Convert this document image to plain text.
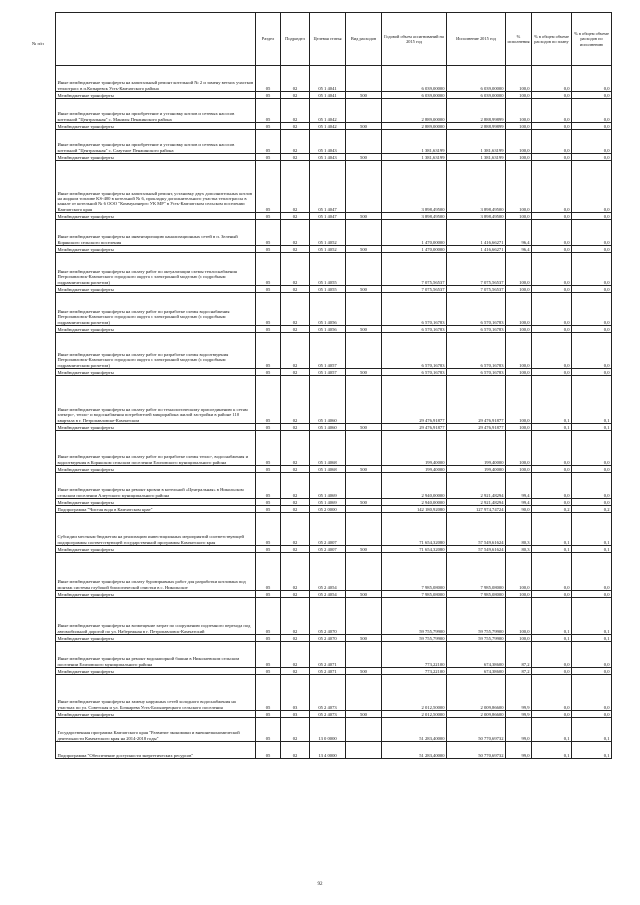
№ п/п
	Раздел	Подраздел	Целевая статья	Вид расходов	Годовой объем ассигнований на 2015 год	Исполнение 2015 год	% исполнения	% в общем объеме расходов по плану	% в общем объеме расходов по исполнению
Иные межбюджетные трансферты на капитальный ремонт котельной № 2 и замену ветхих участков теплотрасс в п.Козыревск Усть-Камчатского района	05	02	05 1 4041		6 039,00000	6 039,00000	100,0	0,0	0,0
Межбюджетные трансферты	05	02	05 1 4041	500	6 039,00000	6 039,00000	100,0	0,0	0,0
Иные межбюджетные трансферты на приобретение и установку котлов и сетевых насосов котельной "Центральная" с. Манилы Пенжинского района	05	02	05 1 4042		2 889,00000	2 888,99899	100,0	0,0	0,0
Межбюджетные трансферты	05	02	05 1 4042	500	2 889,00000	2 888,99899	100,0	0,0	0,0
Иные межбюджетные трансферты на приобретение и установку котлов и сетевых насосов котельной "Центральная" с. Слаутное Пенжинского района	05	02	05 1 4043		1 381,63199	1 381,63199	100,0	0,0	0,0
Межбюджетные трансферты	05	02	05 1 4043	500	1 381,63199	1 381,63199	100,0	0,0	0,0
Иные межбюджетные трансферты на капитальный ремонт, установку двух дополнительных котлов на жидком топливе KS-400 в котельной № 6, прокладку дополнительного участка теплотрассы в канале от котельной № 6 ООО "Коммунэнерго УК МР" в Усть-Камчатском сельском поселении Камчатского края	05	02	05 1 4047		3 898,49500	3 898,49500	100,0	0,0	0,0
Межбюджетные трансферты	05	02	05 1 4047	500	3 898,49500	3 898,49500	100,0	0,0	0,0
Иные межбюджетные трансферты на инвентаризацию канализационных сетей в п. Зеленый Корякского сельского поселения	05	02	05 1 4052		1 470,00000	1 416,66271	96,4	0,0	0,0
Межбюджетные трансферты	05	02	05 1 4052	500	1 470,00000	1 416,66271	96,4	0,0	0,0
Иные межбюджетные трансферты на оплату работ по актуализации схемы теплоснабжения Петропавловск-Камчатского городского округа с электронной моделью (с подробным гидравлическим расчетом)	05	02	05 1 4055		7 075,56537	7 075,56537	100,0	0,0	0,0
Межбюджетные трансферты	05	02	05 1 4055	500	7 075,56537	7 075,56537	100,0	0,0	0,0
Иные межбюджетные трансферты на оплату работ по разработке схемы водоснабжения Петропавловск-Камчатского городского округа с электронной моделью (с подробным гидравлическим расчетом)	05	02	05 1 4056		6 570,16783	6 570,16783	100,0	0,0	0,0
Межбюджетные трансферты	05	02	05 1 4056	500	6 570,16783	6 570,16783	100,0	0,0	0,0
Иные межбюджетные трансферты на оплату работ по разработке схемы водоотведения Петропавловск-Камчатского городского округа с электронной моделью (с подробным гидравлическим расчетом)	05	02	05 1 4057		6 570,16783	6 570,16783	100,0	0,0	0,0
Межбюджетные трансферты	05	02	05 1 4057	500	6 570,16783	6 570,16783	100,0	0,0	0,0
Иные межбюджетные трансферты на оплату работ по технологическому присоединению к сетям электро-, тепло- и водоснабжения потребителей микрорайона жилой застройки в районе 110 квартала в г. Петропавловске-Камчатском	05	02	05 1 4060		29 476,91877	29 476,91877	100,0	0,1	0,1
Межбюджетные трансферты	05	02	05 1 4060	500	29 476,91877	29 476,91877	100,0	0,1	0,1
Иные межбюджетные трансферты на оплату работ по разработке схемы тепло-, водоснабжения и водоотведения в Корякском сельском поселении Елизовского муниципального района	05	02	05 1 4068		199,40000	199,40000	100,0	0,0	0,0
Межбюджетные трансферты	05	02	05 1 4068	500	199,40000	199,40000	100,0	0,0	0,0
Иные межбюджетные трансферты на ремонт кровли в котельной «Центральная» в Никольском сельском поселении Алеутского муниципального района	05	02	05 1 4069		2 940,00000	2 921,48294	99,4	0,0	0,0
Межбюджетные трансферты	05	02	05 1 4069	500	2 940,00000	2 921,48294	99,4	0,0	0,0
Подпрограмма "Чистая вода в Камчатском крае"	05	02	05 2 0000		142 180,92080	127 974,74724	90,0	0,2	0,2
Субсидии местным бюджетам на реализацию инвестиционных мероприятий соответствующей подпрограммы соответствующей государственной программы Камчатского края	05	02	05 2 4007		71 654,32080	57 549,61624	80,3	0,1	0,1
Межбюджетные трансферты	05	02	05 2 4007	500	71 654,32080	57 549,61624	80,3	0,1	0,1
Иные межбюджетные трансферты на оплату буровзрывных работ для разработки котлована под монтаж системы глубокой биологической очистки в с. Никольское	05	02	05 2 4054		7 985,08000	7 985,08000	100,0	0,0	0,0
Межбюджетные трансферты	05	02	05 2 4054	500	7 985,08000	7 985,08000	100,0	0,0	0,0
Иные межбюджетные трансферты на возмещение затрат по сооружению подземного перехода под автомобильной дорогой по ул. Набережная в г. Петропавловск-Камчатский	05	02	05 2 4070		59 755,79900	59 755,79900	100,0	0,1	0,1
Межбюджетные трансферты	05	02	05 2 4070	500	59 755,79900	59 755,79900	100,0	0,1	0,1
Иные межбюджетные трансферты на ремонт водонапорной башни в Николаевском сельском поселении Елизовского муниципального района	05	02	05 2 4071		773,22100	674,38600	87,2	0,0	0,0
Межбюджетные трансферты	05	02	05 2 4071	500	773,22100	674,38600	87,2	0,0	0,0
Иные межбюджетные трансферты на замену наружных сетей холодного водоснабжения на участках по ул. Советская и ул. Бочкарева Усть-Большерецкого сельского поселения	05	03	05 2 4073		2 012,50000	2 009,86600	99,9	0,0	0,0
Межбюджетные трансферты	05	03	05 2 4073	500	2 012,50000	2 009,86600	99,9	0,0	0,0
Государственная программа Камчатского края "Развитие экономики и внешнеэкономической деятельности Камчатского края на 2014-2018 годы"	05	02	13 0 0000		51 283,40000	50 770,69732	99,0	0,1	0,1
Подпрограмма "Обеспечение доступности энергетических ресурсов"	05	02	13 4 0000		51 283,40000	50 770,69732	99,0	0,1	0,1
92
